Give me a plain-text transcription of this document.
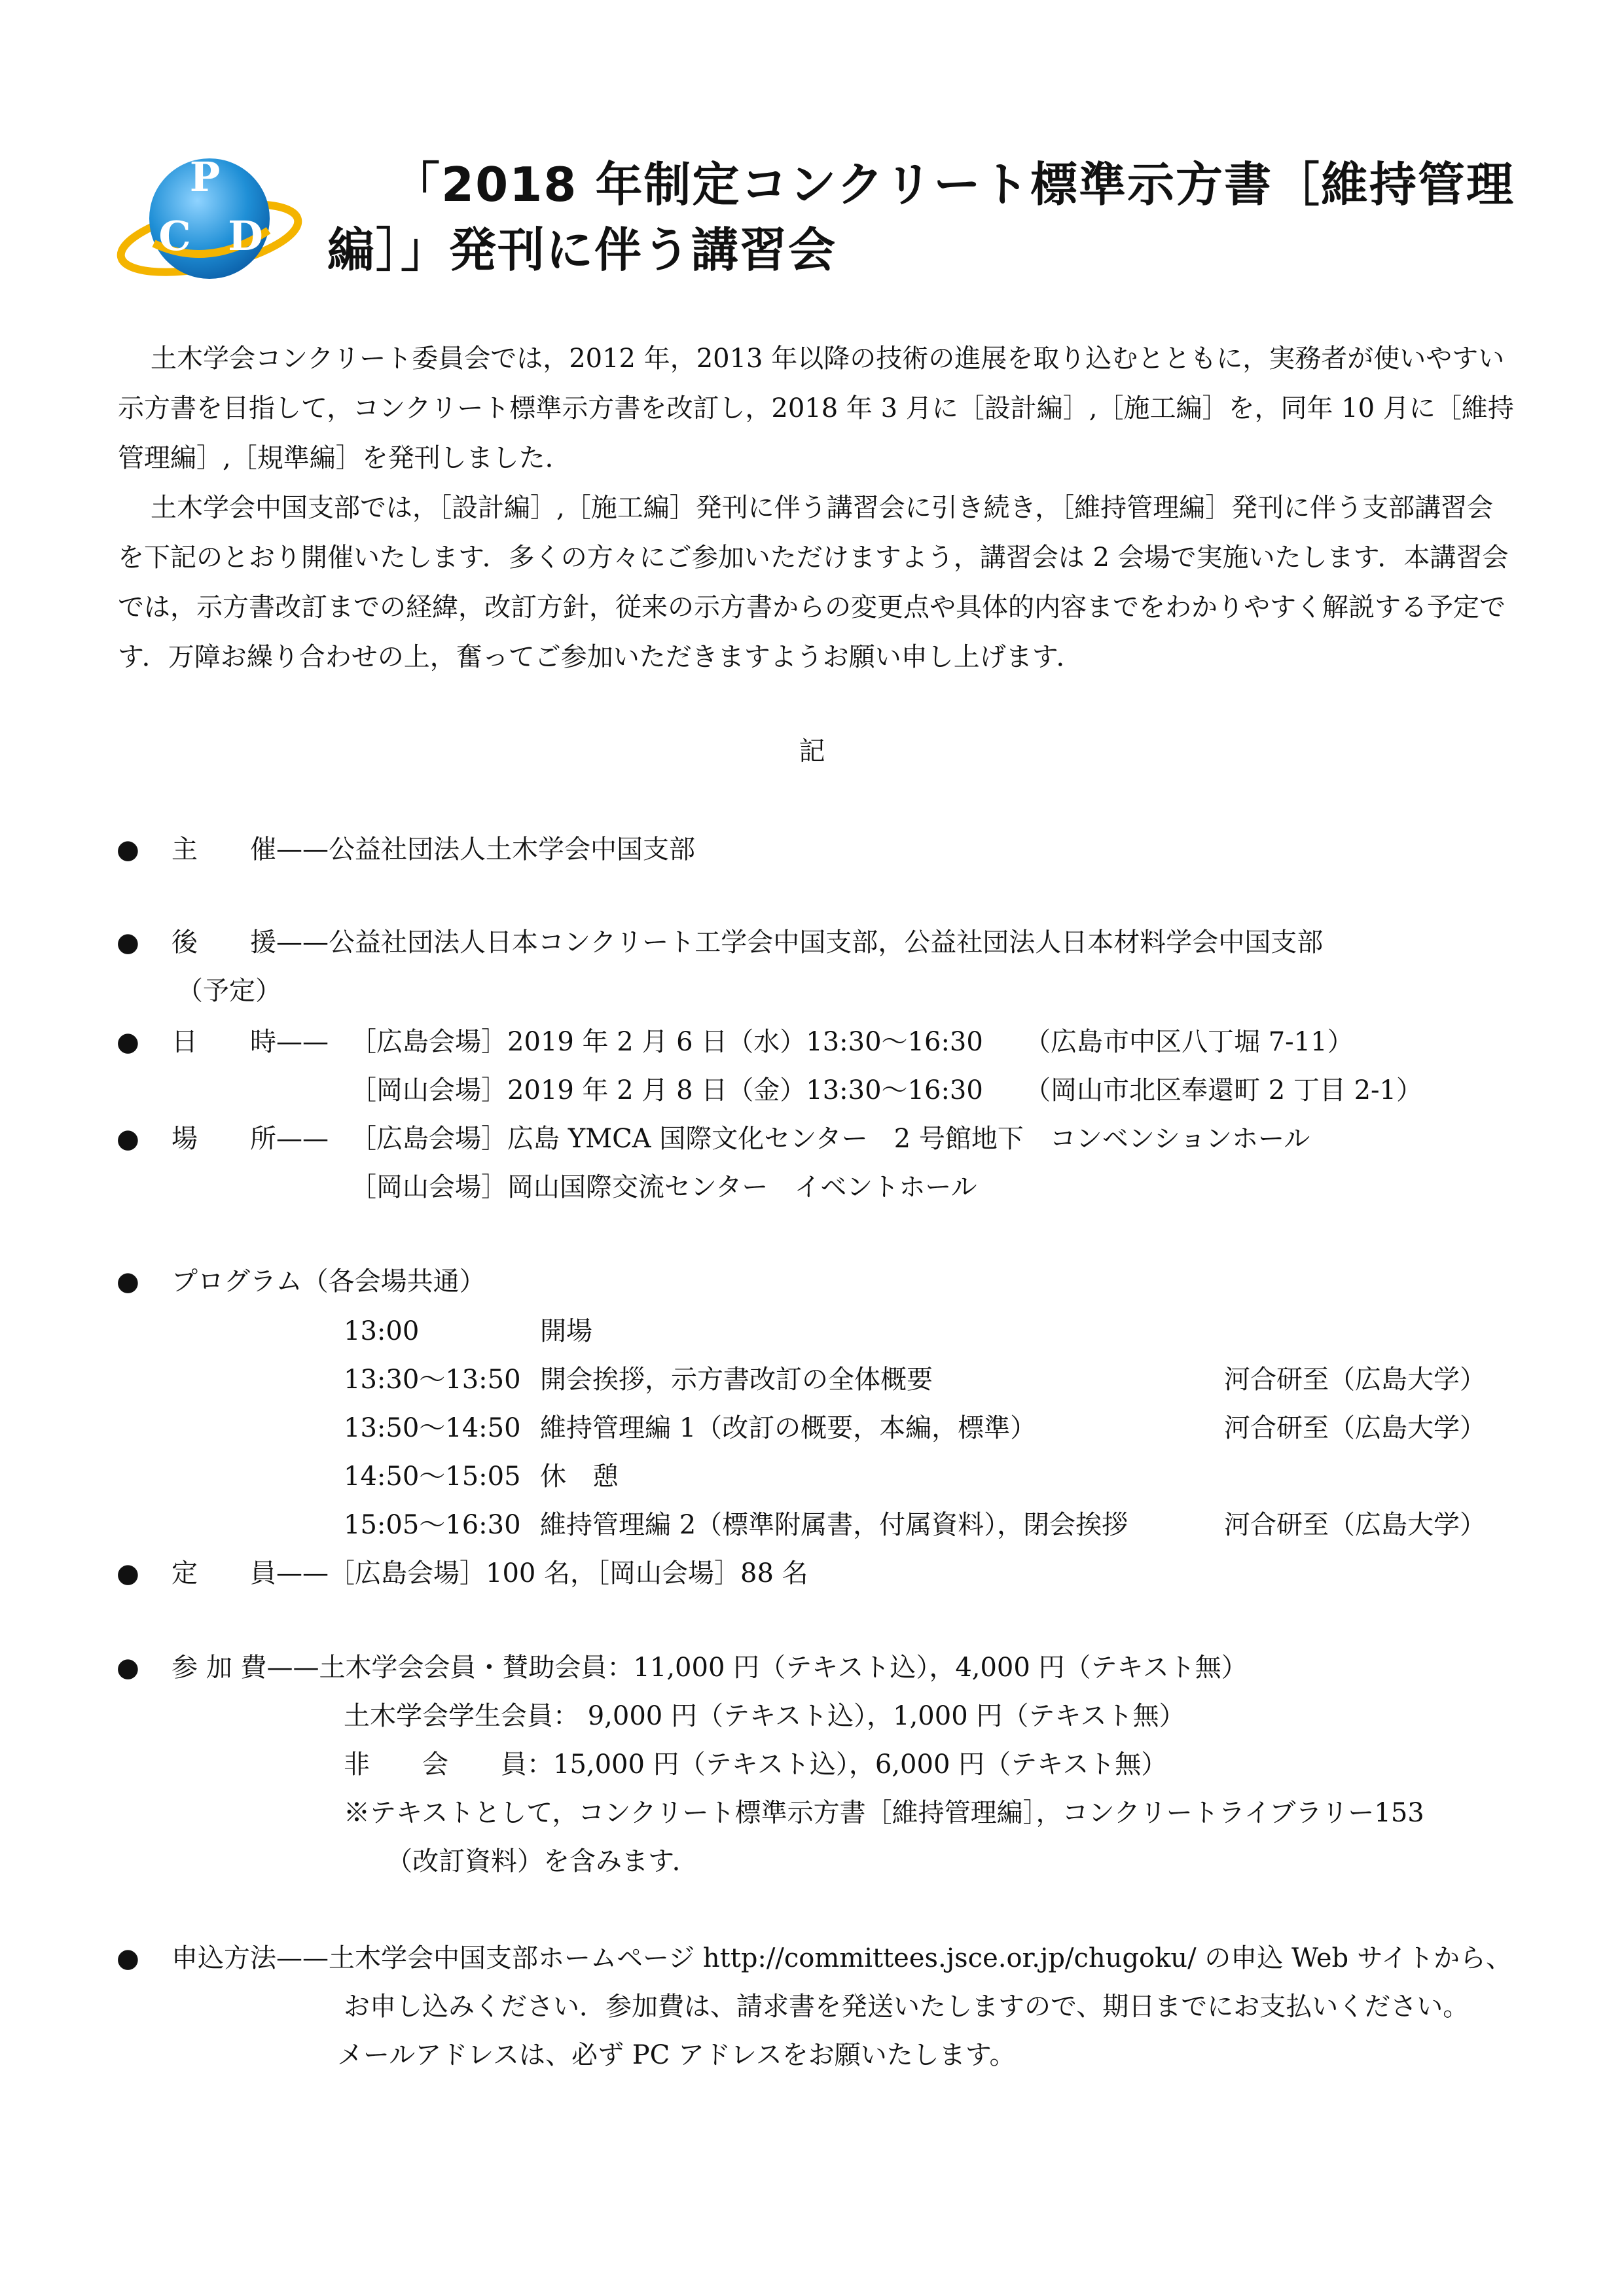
P
C D
「2018 年制定コンクリート標準示方書［維持管理
編］」発刊に伴う講習会

土木学会コンクリート委員会では，2012 年，2013 年以降の技術の進展を取り込むとともに，実務者が使いやすい示方書を目指して，コンクリート標準示方書を改訂し，2018 年 3 月に［設計編］,［施工編］を，同年 10 月に［維持管理編］,［規準編］を発刊しました．

土木学会中国支部では，［設計編］,［施工編］発刊に伴う講習会に引き続き，［維持管理編］発刊に伴う支部講習会を下記のとおり開催いたします．多くの方々にご参加いただけますよう，講習会は 2 会場で実施いたします．本講習会では，示方書改訂までの経緯，改訂方針，従来の示方書からの変更点や具体的内容までをわかりやすく解説する予定です．万障お繰り合わせの上，奮ってご参加いただきますようお願い申し上げます．

記
● 主　　催——公益社団法人土木学会中国支部
● 後　　援——公益社団法人日本コンクリート工学会中国支部，公益社団法人日本材料学会中国支部
（予定）
● 日　　時—— ［広島会場］2019 年 2 月 6 日（水）13:30～16:30 （広島市中区八丁堀 7-11）
［岡山会場］2019 年 2 月 8 日（金）13:30～16:30 （岡山市北区奉還町 2 丁目 2-1）
● 場　　所—— ［広島会場］広島 YMCA 国際文化センター　2 号館地下　コンベンションホール
［岡山会場］岡山国際交流センター　イベントホール
● プログラム（各会場共通）
13:00	開場
13:30～13:50 開会挨拶，示方書改訂の全体概要	河合研至（広島大学）
13:50～14:50 維持管理編 1（改訂の概要，本編，標準）	河合研至（広島大学）
14:50～15:05 休　憩
15:05～16:30 維持管理編 2（標準附属書，付属資料），閉会挨拶	河合研至（広島大学）
● 定　　員——［広島会場］100 名，［岡山会場］88 名
● 参 加 費——土木学会会員・賛助会員：11,000 円（テキスト込），4,000 円（テキスト無）
土木学会学生会員： 9,000 円（テキスト込），1,000 円（テキスト無）
非　　会　　員：15,000 円（テキスト込），6,000 円（テキスト無）
※テキストとして，コンクリート標準示方書［維持管理編］，コンクリートライブラリー153
（改訂資料）を含みます．
● 申込方法——土木学会中国支部ホームページ http://committees.jsce.or.jp/chugoku/ の申込 Web サイトから、
お申し込みください．参加費は、請求書を発送いたしますので、期日までにお支払いください。
メールアドレスは、必ず PC アドレスをお願いたします。
